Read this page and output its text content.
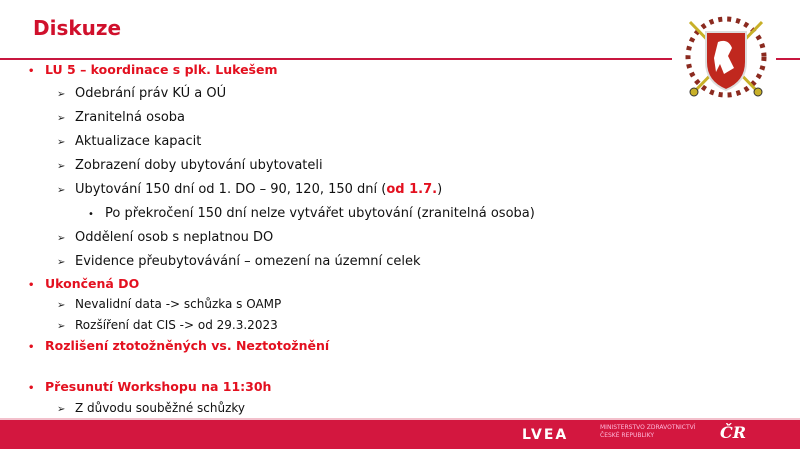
Diskuze
• LU 5 – koordinace s plk. Lukešem
➢ Odebrání práv KÚ a OÚ
➢ Zranitelná osoba
➢ Aktualizace kapacit
➢ Zobrazení doby ubytování ubytovateli
➢ Ubytování 150 dní od 1. DO – 90, 120, 150 dní (od 1.7.)
• Po překročení 150 dní nelze vytvářet ubytování (zranitelná osoba)
➢ Oddělení osob s neplatnou DO
➢ Evidence přeubytovávání – omezení na územní celek
• Ukončená DO
➢ Nevalidní data -> schůzka s OAMP
➢ Rozšíření dat CIS -> od 29.3.2023
• Rozlišení ztotožněných vs. Neztotožnění
• Přesunutí Workshopu na 11:30h
➢ Z důvodu souběžné schůzky
LVEA	MINISTERSTVO ZDRAVOTNICTVÍ
ČESKÉ REPUBLIKY	ČR
